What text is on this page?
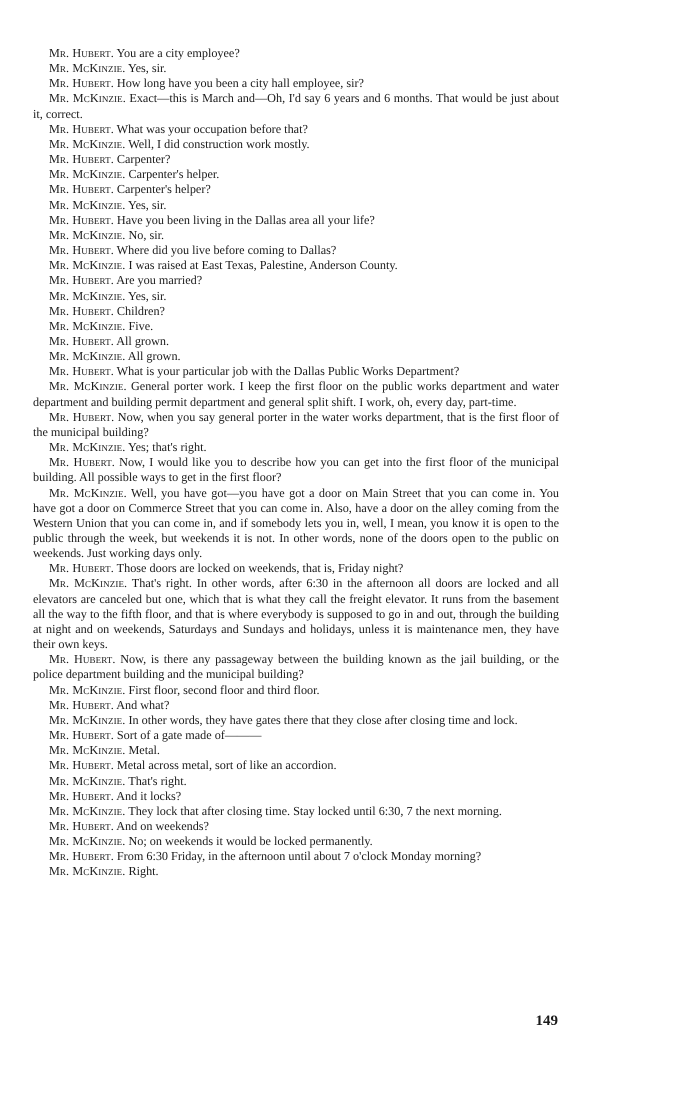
Mr. Hubert. You are a city employee?

Mr. McKinzie. Yes, sir.

Mr. Hubert. How long have you been a city hall employee, sir?

Mr. McKinzie. Exact—this is March and—Oh, I'd say 6 years and 6 months. That would be just about it, correct.

Mr. Hubert. What was your occupation before that?

Mr. McKinzie. Well, I did construction work mostly.

Mr. Hubert. Carpenter?

Mr. McKinzie. Carpenter's helper.

Mr. Hubert. Carpenter's helper?

Mr. McKinzie. Yes, sir.

Mr. Hubert. Have you been living in the Dallas area all your life?

Mr. McKinzie. No, sir.

Mr. Hubert. Where did you live before coming to Dallas?

Mr. McKinzie. I was raised at East Texas, Palestine, Anderson County.

Mr. Hubert. Are you married?

Mr. McKinzie. Yes, sir.

Mr. Hubert. Children?

Mr. McKinzie. Five.

Mr. Hubert. All grown.

Mr. McKinzie. All grown.

Mr. Hubert. What is your particular job with the Dallas Public Works Department?

Mr. McKinzie. General porter work. I keep the first floor on the public works department and water department and building permit department and general split shift. I work, oh, every day, part-time.

Mr. Hubert. Now, when you say general porter in the water works department, that is the first floor of the municipal building?

Mr. McKinzie. Yes; that's right.

Mr. Hubert. Now, I would like you to describe how you can get into the first floor of the municipal building. All possible ways to get in the first floor?

Mr. McKinzie. Well, you have got—you have got a door on Main Street that you can come in. You have got a door on Commerce Street that you can come in. Also, have a door on the alley coming from the Western Union that you can come in, and if somebody lets you in, well, I mean, you know it is open to the public through the week, but weekends it is not. In other words, none of the doors open to the public on weekends. Just working days only.

Mr. Hubert. Those doors are locked on weekends, that is, Friday night?

Mr. McKinzie. That's right. In other words, after 6:30 in the afternoon all doors are locked and all elevators are canceled but one, which that is what they call the freight elevator. It runs from the basement all the way to the fifth floor, and that is where everybody is supposed to go in and out, through the building at night and on weekends, Saturdays and Sundays and holidays, unless it is maintenance men, they have their own keys.

Mr. Hubert. Now, is there any passageway between the building known as the jail building, or the police department building and the municipal building?

Mr. McKinzie. First floor, second floor and third floor.

Mr. Hubert. And what?

Mr. McKinzie. In other words, they have gates there that they close after closing time and lock.

Mr. Hubert. Sort of a gate made of———

Mr. McKinzie. Metal.

Mr. Hubert. Metal across metal, sort of like an accordion.

Mr. McKinzie. That's right.

Mr. Hubert. And it locks?

Mr. McKinzie. They lock that after closing time. Stay locked until 6:30, 7 the next morning.

Mr. Hubert. And on weekends?

Mr. McKinzie. No; on weekends it would be locked permanently.

Mr. Hubert. From 6:30 Friday, in the afternoon until about 7 o'clock Monday morning?

Mr. McKinzie. Right.

149
